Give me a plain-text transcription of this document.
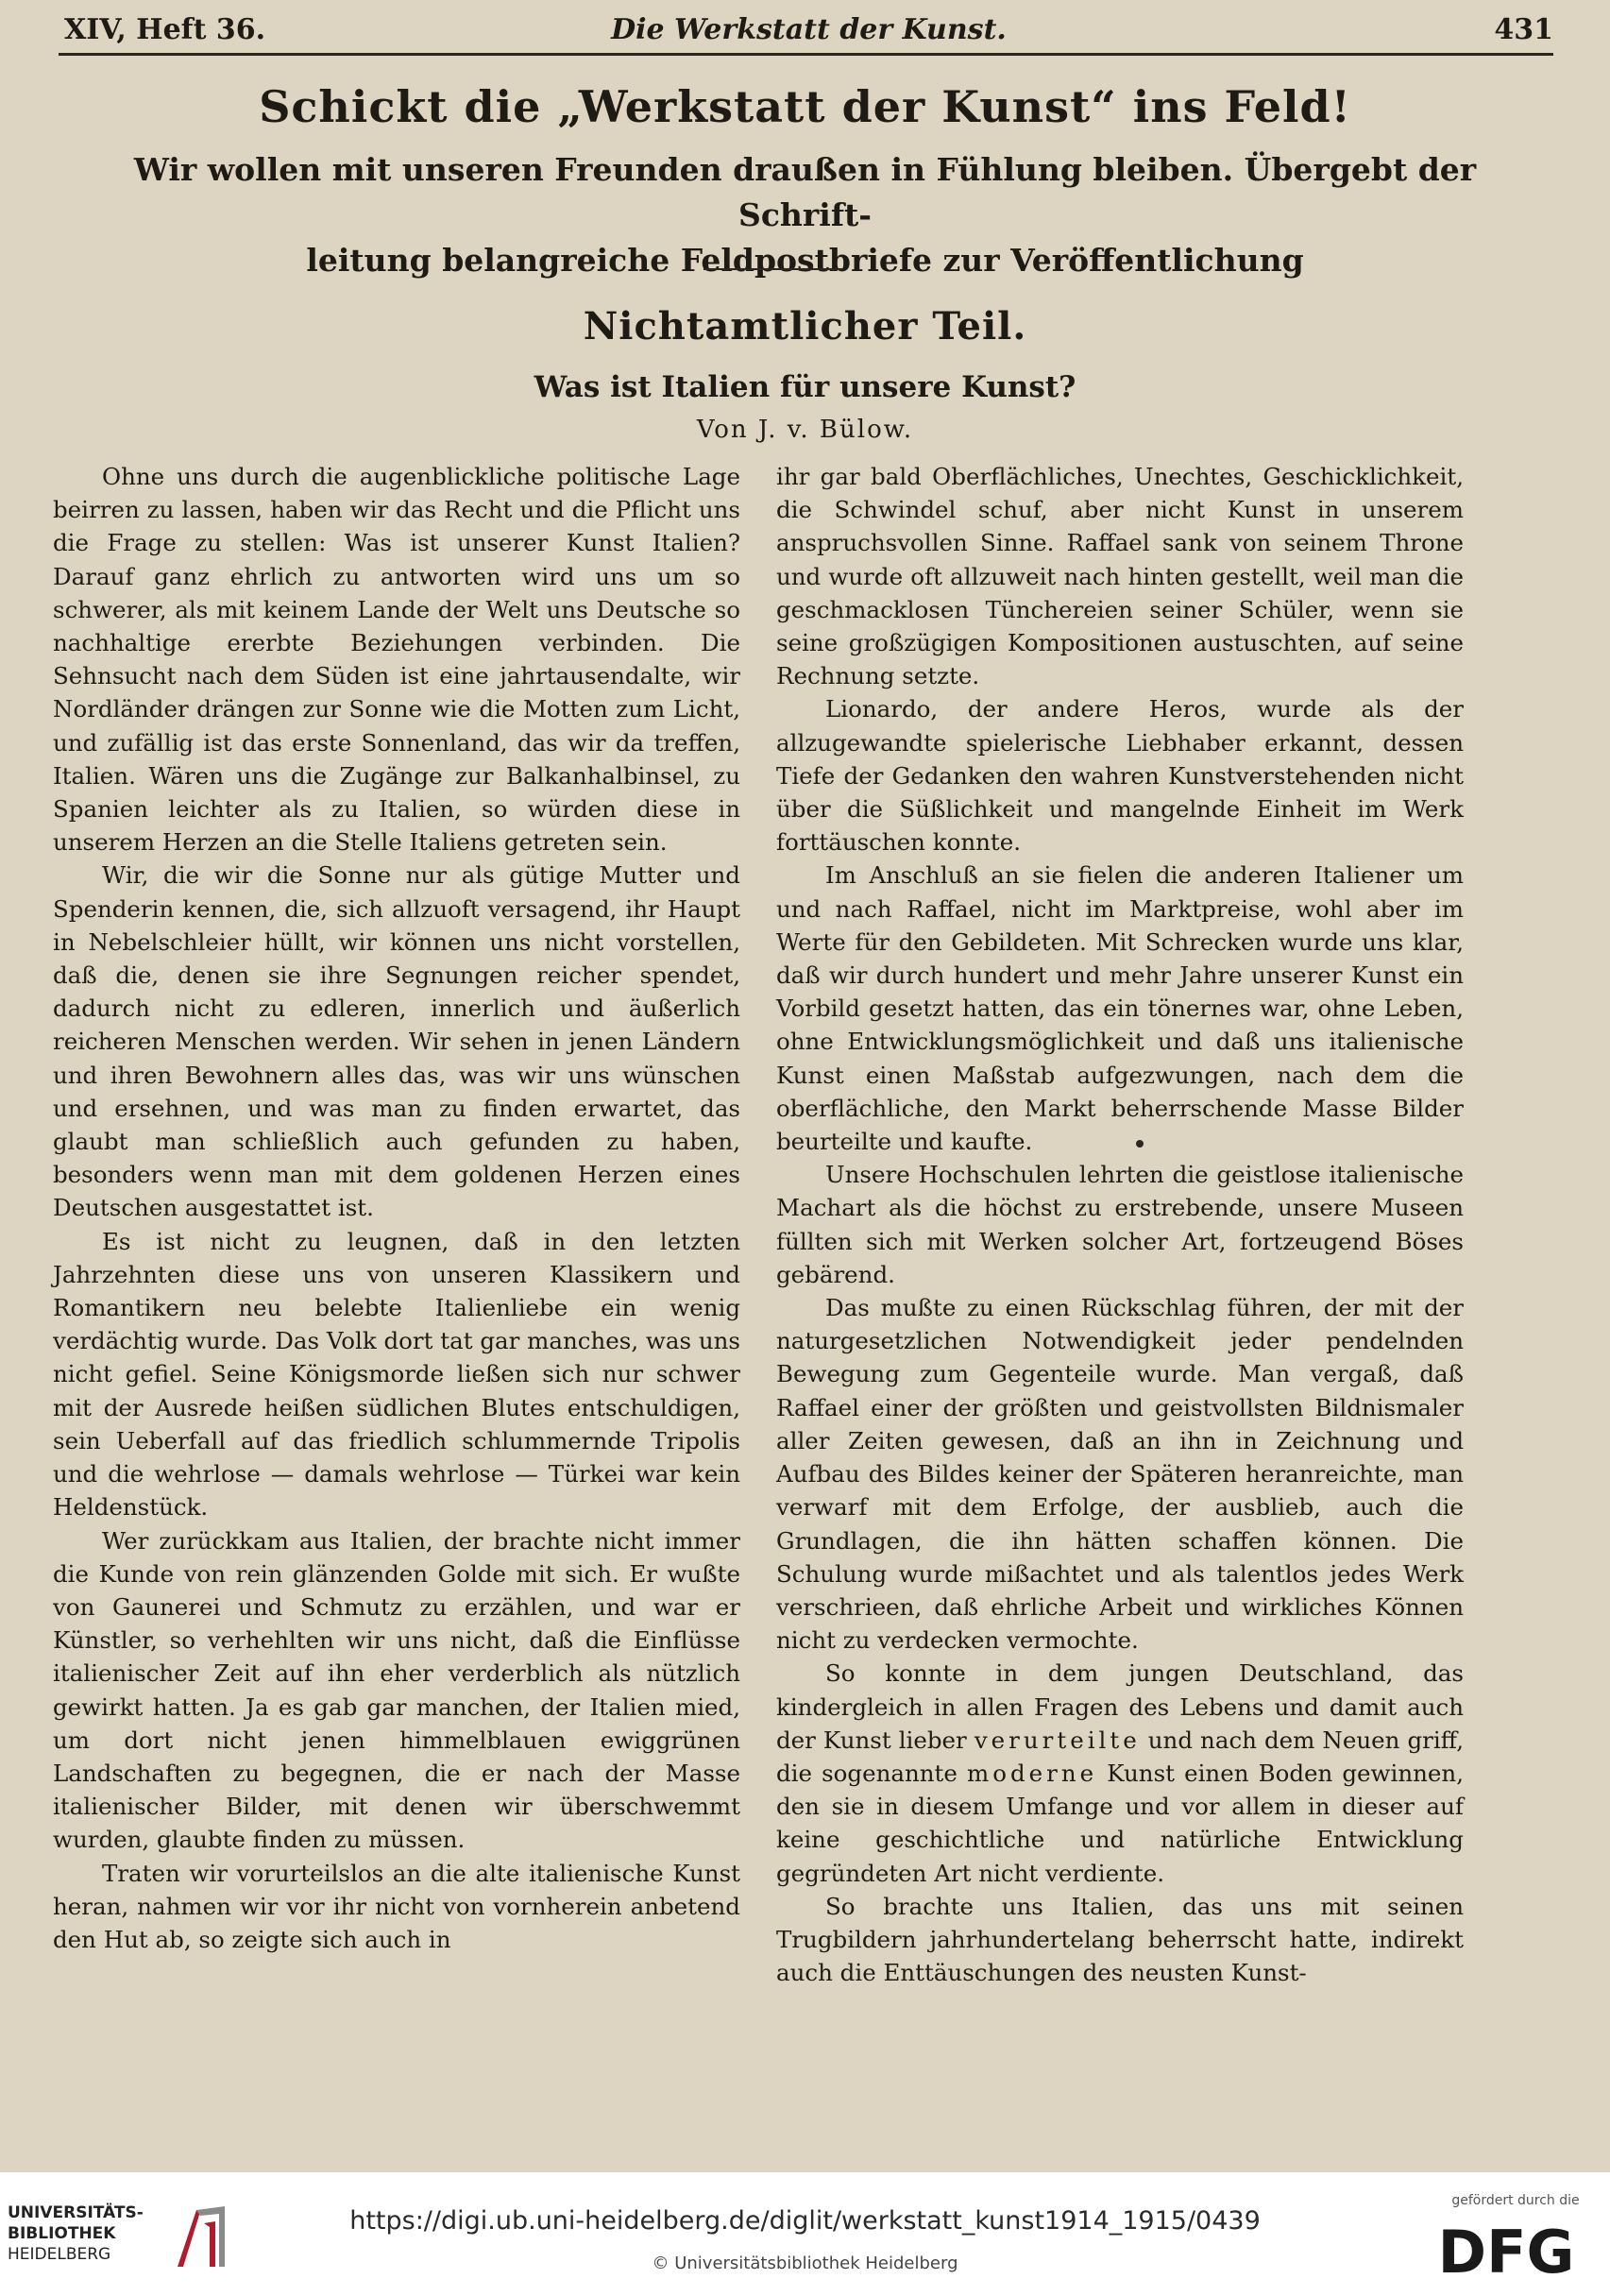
XIV, Heft 36.	Die Werkstatt der Kunst.	431
Schickt die „Werkstatt der Kunst“ ins Feld!
Wir wollen mit unseren Freunden draußen in Fühlung bleiben. Übergebt der Schrift-
leitung belangreiche Feldpostbriefe zur Veröffentlichung
Nichtamtlicher Teil.
Was ist Italien für unsere Kunst?
Von J. v. Bülow.

Ohne uns durch die augenblickliche politische Lage beirren zu lassen, haben wir das Recht und die Pflicht uns die Frage zu stellen: Was ist unserer Kunst Italien? Darauf ganz ehrlich zu antworten wird uns um so schwerer, als mit keinem Lande der Welt uns Deutsche so nachhaltige ererbte Beziehungen verbinden. Die Sehnsucht nach dem Süden ist eine jahrtausendalte, wir Nordländer drängen zur Sonne wie die Motten zum Licht, und zufällig ist das erste Sonnenland, das wir da treffen, Italien. Wären uns die Zugänge zur Balkanhalbinsel, zu Spanien leichter als zu Italien, so würden diese in unserem Herzen an die Stelle Italiens getreten sein.

Wir, die wir die Sonne nur als gütige Mutter und Spenderin kennen, die, sich allzuoft versagend, ihr Haupt in Nebelschleier hüllt, wir können uns nicht vorstellen, daß die, denen sie ihre Segnungen reicher spendet, dadurch nicht zu edleren, innerlich und äußerlich reicheren Menschen werden. Wir sehen in jenen Ländern und ihren Bewohnern alles das, was wir uns wünschen und ersehnen, und was man zu finden erwartet, das glaubt man schließlich auch gefunden zu haben, besonders wenn man mit dem goldenen Herzen eines Deutschen ausgestattet ist.

Es ist nicht zu leugnen, daß in den letzten Jahrzehnten diese uns von unseren Klassikern und Romantikern neu belebte Italienliebe ein wenig verdächtig wurde. Das Volk dort tat gar manches, was uns nicht gefiel. Seine Königsmorde ließen sich nur schwer mit der Ausrede heißen südlichen Blutes entschuldigen, sein Ueberfall auf das friedlich schlummernde Tripolis und die wehrlose — damals wehrlose — Türkei war kein Heldenstück.

Wer zurückkam aus Italien, der brachte nicht immer die Kunde von rein glänzenden Golde mit sich. Er wußte von Gaunerei und Schmutz zu erzählen, und war er Künstler, so verhehlten wir uns nicht, daß die Einflüsse italienischer Zeit auf ihn eher verderblich als nützlich gewirkt hatten. Ja es gab gar manchen, der Italien mied, um dort nicht jenen himmelblauen ewiggrünen Landschaften zu begegnen, die er nach der Masse italienischer Bilder, mit denen wir überschwemmt wurden, glaubte finden zu müssen.

Traten wir vorurteilslos an die alte italienische Kunst heran, nahmen wir vor ihr nicht von vornherein anbetend den Hut ab, so zeigte sich auch in

ihr gar bald Oberflächliches, Unechtes, Geschicklichkeit, die Schwindel schuf, aber nicht Kunst in unserem anspruchsvollen Sinne. Raffael sank von seinem Throne und wurde oft allzuweit nach hinten gestellt, weil man die geschmacklosen Tünchereien seiner Schüler, wenn sie seine großzügigen Kompositionen austuschten, auf seine Rechnung setzte.

Lionardo, der andere Heros, wurde als der allzugewandte spielerische Liebhaber erkannt, dessen Tiefe der Gedanken den wahren Kunstverstehenden nicht über die Süßlichkeit und mangelnde Einheit im Werk forttäuschen konnte.

Im Anschluß an sie fielen die anderen Italiener um und nach Raffael, nicht im Marktpreise, wohl aber im Werte für den Gebildeten. Mit Schrecken wurde uns klar, daß wir durch hundert und mehr Jahre unserer Kunst ein Vorbild gesetzt hatten, das ein tönernes war, ohne Leben, ohne Entwicklungsmöglichkeit und daß uns italienische Kunst einen Maßstab aufgezwungen, nach dem die oberflächliche, den Markt beherrschende Masse Bilder beurteilte und kaufte.

Unsere Hochschulen lehrten die geistlose italienische Machart als die höchst zu erstrebende, unsere Museen füllten sich mit Werken solcher Art, fortzeugend Böses gebärend.

Das mußte zu einen Rückschlag führen, der mit der naturgesetzlichen Notwendigkeit jeder pendelnden Bewegung zum Gegenteile wurde. Man vergaß, daß Raffael einer der größten und geistvollsten Bildnismaler aller Zeiten gewesen, daß an ihn in Zeichnung und Aufbau des Bildes keiner der Späteren heranreichte, man verwarf mit dem Erfolge, der ausblieb, auch die Grundlagen, die ihn hätten schaffen können. Die Schulung wurde mißachtet und als talentlos jedes Werk verschrieen, daß ehrliche Arbeit und wirkliches Können nicht zu verdecken vermochte.

So konnte in dem jungen Deutschland, das kindergleich in allen Fragen des Lebens und damit auch der Kunst lieber verurteilte und nach dem Neuen griff, die sogenannte moderne Kunst einen Boden gewinnen, den sie in diesem Umfange und vor allem in dieser auf keine geschichtliche und natürliche Entwicklung gegründeten Art nicht verdiente.

So brachte uns Italien, das uns mit seinen Trugbildern jahrhundertelang beherrscht hatte, indirekt auch die Enttäuschungen des neusten Kunst-

UNIVERSITÄTS-
BIBLIOTHEK
HEIDELBERG
https://digi.ub.uni-heidelberg.de/diglit/werkstatt_kunst1914_1915/0439
© Universitätsbibliothek Heidelberg
gefördert durch die
DFG
